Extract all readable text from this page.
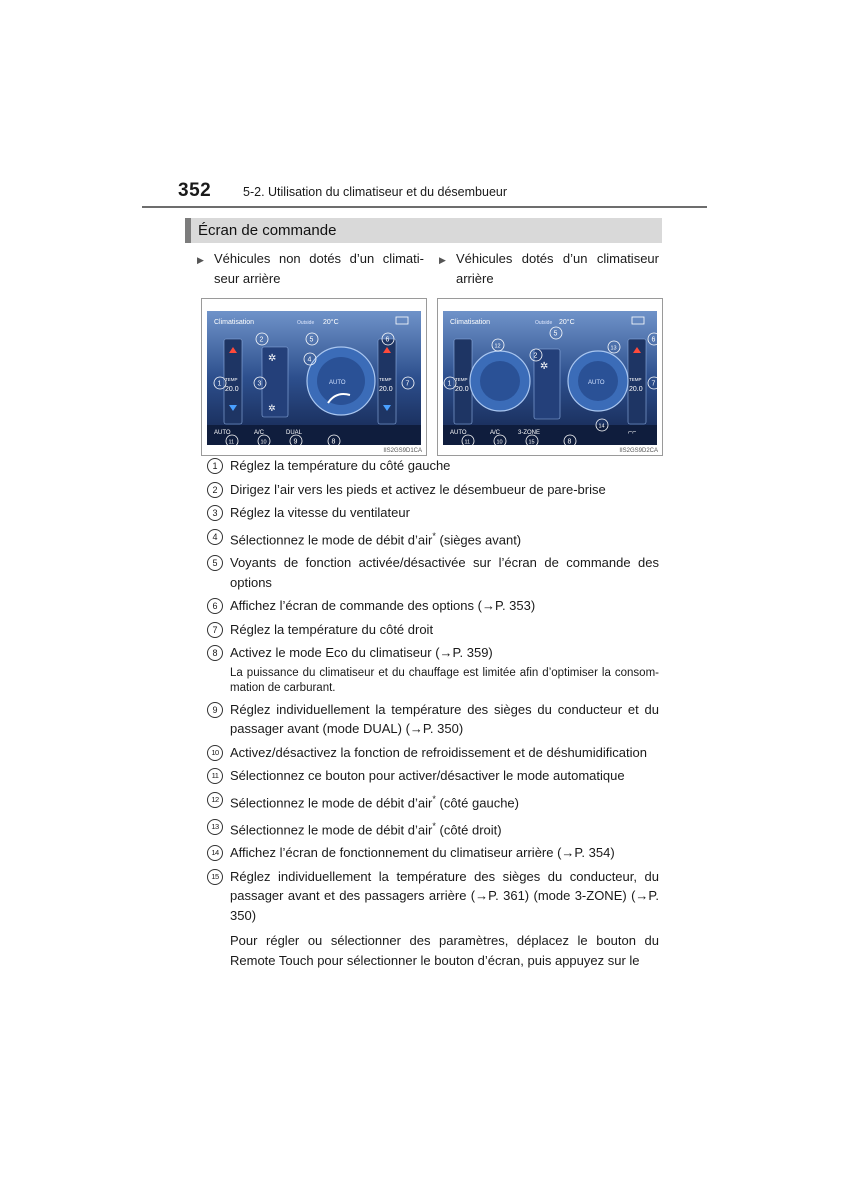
352	5-2. Utilisation du climatiseur et du désembueur
Écran de commande
▶ Véhicules non dotés d’un climatiseur arrière
▶ Véhicules dotés d’un climatiseur arrière
Climatisation	Outside 20°C
TEMP
20.0
TEMP
20.0
✲
✲
AUTO
AUTO	A/C	DUAL
1
2
3
4
5	6
7
8
9
10
11
IIS2GS9D1CA
Climatisation	Outside 20°C
TEMP
20.0
TEMP
20.0
✲
AUTO
AUTO	A/C	3-ZONE	⌐⌐
1
2
5
6
7
8
10
11
12	13
14
15
IIS2GS9D2CA
1 Réglez la température du côté gauche
2 Dirigez l’air vers les pieds et activez le désembueur de pare-brise
3 Réglez la vitesse du ventilateur
4 Sélectionnez le mode de débit d’air* (sièges avant)
5 Voyants de fonction activée/désactivée sur l’écran de commande des options
6 Affichez l’écran de commande des options (→P. 353)
7 Réglez la température du côté droit
8 Activez le mode Eco du climatiseur (→P. 359)
La puissance du climatiseur et du chauffage est limitée afin d’optimiser la consommation de carburant.
9 Réglez individuellement la température des sièges du conducteur et du passager avant (mode DUAL) (→P. 350)
10 Activez/désactivez la fonction de refroidissement et de déshumidification
11 Sélectionnez ce bouton pour activer/désactiver le mode automatique
12 Sélectionnez le mode de débit d’air* (côté gauche)
13 Sélectionnez le mode de débit d’air* (côté droit)
14 Affichez l’écran de fonctionnement du climatiseur arrière (→P. 354)
15 Réglez individuellement la température des sièges du conducteur, du passager avant et des passagers arrière (→P. 361) (mode 3-ZONE) (→P. 350)
Pour régler ou sélectionner des paramètres, déplacez le bouton du Remote Touch pour sélectionner le bouton d’écran, puis appuyez sur le
